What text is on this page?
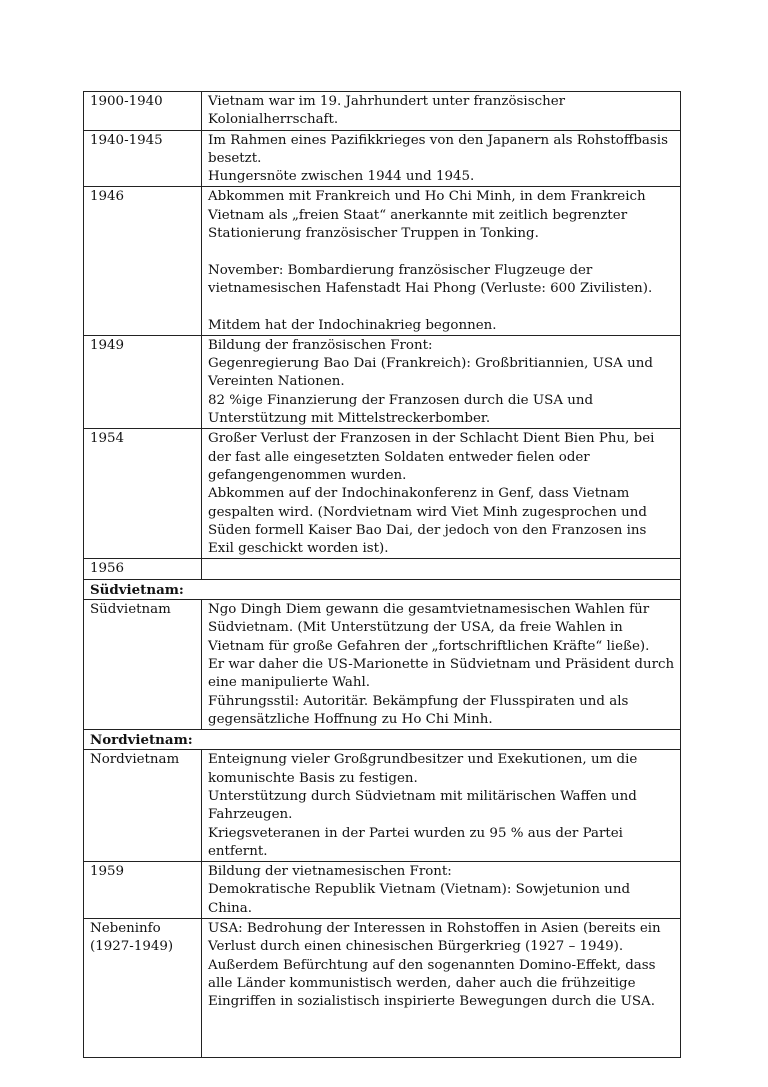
1900-1940	Vietnam war im 19. Jahrhundert unter französischer Kolonialherrschaft.

1940-1945	Im Rahmen eines Pazifikkrieges von den Japanern als Rohstoffbasis besetzt.
Hungersnöte zwischen 1944 und 1945.

1946	Abkommen mit Frankreich und Ho Chi Minh, in dem Frankreich Vietnam als „freien Staat“ anerkannte mit zeitlich begrenzter Stationierung französischer Truppen in Tonking.
November: Bombardierung französischer Flugzeuge der vietnamesischen Hafenstadt Hai Phong (Verluste: 600 Zivilisten).
Mitdem hat der Indochinakrieg begonnen.

1949	Bildung der französischen Front:
Gegenregierung Bao Dai (Frankreich): Großbritiannien, USA und Vereinten Nationen.
82 %ige Finanzierung der Franzosen durch die USA und Unterstützung mit Mittelstreckerbomber.

1954	Großer Verlust der Franzosen in der Schlacht Dient Bien Phu, bei der fast alle eingesetzten Soldaten entweder fielen oder gefangengenommen wurden.
Abkommen auf der Indochinakonferenz in Genf, dass Vietnam gespalten wird. (Nordvietnam wird Viet Minh zugesprochen und Süden formell Kaiser Bao Dai, der jedoch von den Franzosen ins Exil geschickt worden ist).

1956	
Südvietnam:	
Südvietnam	Ngo Dingh Diem gewann die gesamtvietnamesischen Wahlen für Südvietnam. (Mit Unterstützung der USA, da freie Wahlen in Vietnam für große Gefahren der „fortschriftlichen Kräfte“ ließe).
Er war daher die US-Marionette in Südvietnam und Präsident durch eine manipulierte Wahl.
Führungsstil: Autoritär. Bekämpfung der Flusspiraten und als gegensätzliche Hoffnung zu Ho Chi Minh.

Nordvietnam:	
Nordvietnam	Enteignung vieler Großgrundbesitzer und Exekutionen, um die komunischte Basis zu festigen.
Unterstützung durch Südvietnam mit militärischen Waffen und Fahrzeugen.
Kriegsveteranen in der Partei wurden zu 95 % aus der Partei entfernt.

1959	Bildung der vietnamesischen Front:
Demokratische Republik Vietnam (Vietnam): Sowjetunion und China.

Nebeninfo (1927-1949)	USA: Bedrohung der Interessen in Rohstoffen in Asien (bereits ein Verlust durch einen chinesischen Bürgerkrieg (1927 – 1949).
Außerdem Befürchtung auf den sogenannten Domino-Effekt, dass alle Länder kommunistisch werden, daher auch die frühzeitige Eingriffen in sozialistisch inspirierte Bewegungen durch die USA.
